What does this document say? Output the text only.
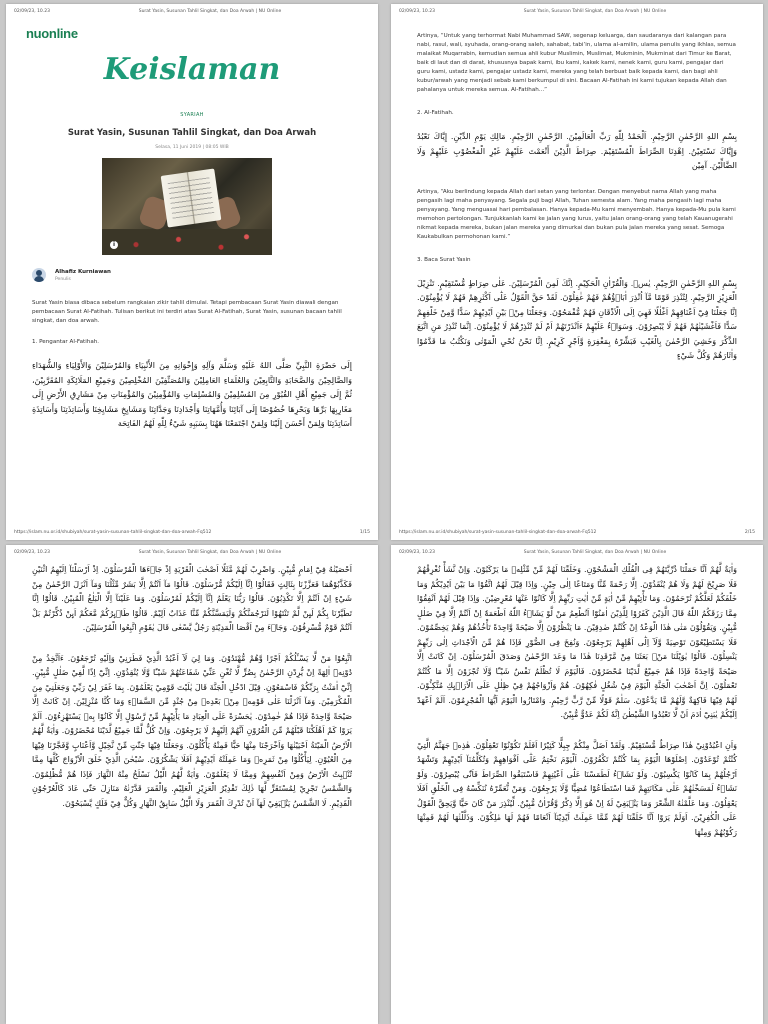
02/09/23, 10.23	Surat Yasin, Susunan Tahlil Singkat, dan Doa Arwah | NU Online
nuonline
Keislaman
SYARIAH
Surat Yasin, Susunan Tahlil Singkat, dan Doa Arwah
Selasa, 11 Juni 2019 | 08:05 WIB
i
Alhafiz Kurniawan
Penulis

Surat Yasin biasa dibaca sebelum rangkaian zikir tahlil dimulai. Tetapi pembacaan Surat Yasin diawali dengan pembacaan Surat Al-Fatihah. Tulisan berikut ini terdiri atas Surat Al-Fatihah, Surat Yasin, susunan bacaan tahlil singkat, dan doa arwah.

1. Pengantar Al-Fatihah.

إِلَى حَضْرَةِ النَّبِيِّ صَلَّى اللهُ عَلَيْهِ وَسَلَّمَ وَآلِهِ وَإِخْوَانِهِ مِنَ الأَنْبِيَاءِ وَالمُرْسَلِيْنَ وَالأَوْلِيَاءِ وَالشُّهَدَاءِ وَالصَّالِحِيْنَ وَالصَّحَابَةِ وَالتَّابِعِيْنَ وَالعُلَمَاءِ العَامِلِيْنَ وَالمُصَنِّفِيْنَ المُخْلِصِيْنَ وَجَمِيْعِ المَلَائِكَةِ المُقَرَّبِيْنَ، ثُمَّ إِلَى جَمِيْعِ أَهْلِ القُبُوْرِ مِنَ المُسْلِمِيْنَ وَالمُسْلِمَاتِ وَالمُؤْمِنِيْنَ وَالمُؤْمِنَاتِ مِنْ مَشَارِقِ الأَرْضِ إِلَى مَغَارِبِهَا بَرِّهَا وَبَحْرِهَا خُصُوْصًا إِلَى آبَائِنَا وَأُمَّهَاتِنَا وَأَجْدَادِنَا وَجَدَّاتِنَا وَمَشَايِخِ مَشَايِخِنَا وَأَسَاتِذَتِنَا وَأَسَاتِذَةِ أَسَاتِذَتِنَا وَلِمَنْ أَحْسَنَ إِلَيْنَا وَلِمَنْ اجْتَمَعْنَا هَهُنَا بِسَبَبِهِ شَيْءٌ لِلّٰهِ لَهُمُ الفَاتِحَة
https://islam.nu.or.id/shubiyah/surat-yasin-susunan-tahlil-singkat-dan-doa-arwah-Fq512	1/15
02/09/23, 10.23	Surat Yasin, Susunan Tahlil Singkat, dan Doa Arwah | NU Online

Artinya, “Untuk yang terhormat Nabi Muhammad SAW, segenap keluarga, dan saudaranya dari kalangan para nabi, rasul, wali, syuhada, orang-orang saleh, sahabat, tabi’in, ulama al-amilin, ulama penulis yang ikhlas, semua malaikat Muqarrabin, kemudian semua ahli kubur Muslimin, Muslimat, Mukminin, Mukminat dari Timur ke Barat, baik di laut dan di darat, khususnya bapak kami, ibu kami, kakek kami, nenek kami, guru kami, pengajar dari guru kami, ustadz kami, pengajar ustadz kami, mereka yang telah berbuat baik kepada kami, dan bagi ahli kubur/arwah yang menjadi sebab kami berkumpul di sini. Bacaan Al-Fatihah ini kami tujukan kepada Allah dan pahalanya untuk mereka semua. Al-Fatihah...”

2. Al-Fatihah.

بِسْمِ اللهِ الرَّحْمٰنِ الرَّحِيْمِ. اَلْحَمْدُ لِلّٰهِ رَبِّ الْعَالَمِيْنَ. الرَّحْمٰنِ الرَّحِيْمِ. مَالِكِ يَوْمِ الدِّيْنِ. إِيَّاكَ نَعْبُدُ وَإِيَّاكَ نَسْتَعِيْنُ. اِهْدِنَا الصِّرَاطَ الْمُسْتَقِيْمَ. صِرَاطَ الَّذِيْنَ أَنْعَمْتَ عَلَيْهِمْ غَيْرِ الْمَغْضُوْبِ عَلَيْهِمْ وَلَا الضَّالِّيْنَ. آمِيْن

Artinya, “Aku berlindung kepada Allah dari setan yang terlontar. Dengan menyebut nama Allah yang maha pengasih lagi maha penyayang. Segala puji bagi Allah, Tuhan semesta alam. Yang maha pengasih lagi maha penyayang. Yang menguasai hari pembalasan. Hanya kepada-Mu kami menyembah. Hanya kepada-Mu pula kami memohon pertolongan. Tunjukkanlah kami ke jalan yang lurus, yaitu jalan orang-orang yang telah Kauanugerahi nikmat kepada mereka, bukan jalan mereka yang dimurkai dan bukan pula jalan mereka yang sesat. Semoga Kaukabulkan permohonan kami.”

3. Baca Surat Yasin

بِسْمِ اللهِ الرَّحْمٰنِ الرَّحِيْمِ. يٰسۤ. وَالْقُرْاٰنِ الْحَكِيْمِ. اِنَّكَ لَمِنَ الْمُرْسَلِيْنَ. عَلٰى صِرَاطٍ مُّسْتَقِيْمٍ. تَنْزِيْلَ الْعَزِيْزِ الرَّحِيْمِ. لِتُنْذِرَ قَوْمًا مَّآ اُنْذِرَ اٰبَاۤؤُهُمْ فَهُمْ غٰفِلُوْنَ. لَقَدْ حَقَّ الْقَوْلُ عَلٰٓى اَكْثَرِهِمْ فَهُمْ لَا يُؤْمِنُوْنَ. اِنَّا جَعَلْنَا فِيْٓ اَعْنَاقِهِمْ اَغْلٰلًا فَهِيَ اِلَى الْاَذْقَانِ فَهُمْ مُّقْمَحُوْنَ. وَجَعَلْنَا مِنْۢ بَيْنِ اَيْدِيْهِمْ سَدًّا وَّمِنْ خَلْفِهِمْ سَدًّا فَاَغْشَيْنٰهُمْ فَهُمْ لَا يُبْصِرُوْنَ. وَسَوَاۤءٌ عَلَيْهِمْ ءَاَنْذَرْتَهُمْ اَمْ لَمْ تُنْذِرْهُمْ لَا يُؤْمِنُوْنَ. اِنَّمَا تُنْذِرُ مَنِ اتَّبَعَ الذِّكْرَ وَخَشِيَ الرَّحْمٰنَ بِالْغَيْبِ فَبَشِّرْهُ بِمَغْفِرَةٍ وَّاَجْرٍ كَرِيْمٍ. اِنَّا نَحْنُ نُحْيِ الْمَوْتٰى وَنَكْتُبُ مَا قَدَّمُوْا وَاٰثَارَهُمْ وَكُلَّ شَيْءٍ
https://islam.nu.or.id/shubiyah/surat-yasin-susunan-tahlil-singkat-dan-doa-arwah-Fq512	2/15
02/09/23, 10.23	Surat Yasin, Susunan Tahlil Singkat, dan Doa Arwah | NU Online
اَحْصَيْنٰهُ فِيْٓ اِمَامٍ مُّبِيْنٍ. وَاضْرِبْ لَهُمْ مَّثَلًا اَصْحٰبَ الْقَرْيَةِ اِذْ جَاۤءَهَا الْمُرْسَلُوْنَ. اِذْ اَرْسَلْنَآ اِلَيْهِمُ اثْنَيْنِ فَكَذَّبُوْهُمَا فَعَزَّزْنَا بِثَالِثٍ فَقَالُوْٓا اِنَّآ اِلَيْكُمْ مُّرْسَلُوْنَ. قَالُوْا مَآ اَنْتُمْ اِلَّا بَشَرٌ مِّثْلُنَا وَمَآ اَنْزَلَ الرَّحْمٰنُ مِنْ شَيْءٍ اِنْ اَنْتُمْ اِلَّا تَكْذِبُوْنَ. قَالُوْا رَبُّنَا يَعْلَمُ اِنَّآ اِلَيْكُمْ لَمُرْسَلُوْنَ. وَمَا عَلَيْنَآ اِلَّا الْبَلٰغُ الْمُبِيْنُ. قَالُوْٓا اِنَّا تَطَيَّرْنَا بِكُمْ لَىِٕنْ لَّمْ تَنْتَهُوْا لَنَرْجُمَنَّكُمْ وَلَيَمَسَّنَّكُمْ مِّنَّا عَذَابٌ اَلِيْمٌ. قَالُوْا طَاۤىِٕرُكُمْ مَّعَكُمْ اَىِٕنْ ذُكِّرْتُمْ بَلْ اَنْتُمْ قَوْمٌ مُّسْرِفُوْنَ. وَجَاۤءَ مِنْ اَقْصَا الْمَدِيْنَةِ رَجُلٌ يَّسْعٰى قَالَ يٰقَوْمِ اتَّبِعُوا الْمُرْسَلِيْنَ.
اتَّبِعُوْا مَنْ لَّا يَسْـَٔلُكُمْ اَجْرًا وَّهُمْ مُّهْتَدُوْنَ. وَمَا لِيَ لَآ اَعْبُدُ الَّذِيْ فَطَرَنِيْ وَاِلَيْهِ تُرْجَعُوْنَ. ءَاَتَّخِذُ مِنْ دُوْنِهٖٓ اٰلِهَةً اِنْ يُّرِدْنِ الرَّحْمٰنُ بِضُرٍّ لَّا تُغْنِ عَنِّيْ شَفَاعَتُهُمْ شَيْـًٔا وَّلَا يُنْقِذُوْنِ. اِنِّيْٓ اِذًا لَّفِيْ ضَلٰلٍ مُّبِيْنٍ. اِنِّيْٓ اٰمَنْتُ بِرَبِّكُمْ فَاسْمَعُوْنِ. قِيْلَ ادْخُلِ الْجَنَّةَ قَالَ يٰلَيْتَ قَوْمِيْ يَعْلَمُوْنَ. بِمَا غَفَرَ لِيْ رَبِّيْ وَجَعَلَنِيْ مِنَ الْمُكْرَمِيْنَ. وَمَآ اَنْزَلْنَا عَلٰى قَوْمِهٖ مِنْۢ بَعْدِهٖ مِنْ جُنْدٍ مِّنَ السَّمَاۤءِ وَمَا كُنَّا مُنْزِلِيْنَ. اِنْ كَانَتْ اِلَّا صَيْحَةً وَّاحِدَةً فَاِذَا هُمْ خٰمِدُوْنَ. يٰحَسْرَةً عَلَى الْعِبَادِ مَا يَأْتِيْهِمْ مِّنْ رَّسُوْلٍ اِلَّا كَانُوْا بِهٖ يَسْتَهْزِءُوْنَ. اَلَمْ يَرَوْا كَمْ اَهْلَكْنَا قَبْلَهُمْ مِّنَ الْقُرُوْنِ اَنَّهُمْ اِلَيْهِمْ لَا يَرْجِعُوْنَ. وَاِنْ كُلٌّ لَّمَّا جَمِيْعٌ لَّدَيْنَا مُحْضَرُوْنَ. وَاٰيَةٌ لَّهُمُ الْاَرْضُ الْمَيْتَةُ اَحْيَيْنٰهَا وَاَخْرَجْنَا مِنْهَا حَبًّا فَمِنْهُ يَأْكُلُوْنَ. وَجَعَلْنَا فِيْهَا جَنّٰتٍ مِّنْ نَّخِيْلٍ وَّاَعْنَابٍ وَّفَجَّرْنَا فِيْهَا مِنَ الْعُيُوْنِ. لِيَأْكُلُوْا مِنْ ثَمَرِهٖ وَمَا عَمِلَتْهُ اَيْدِيْهِمْ اَفَلَا يَشْكُرُوْنَ. سُبْحٰنَ الَّذِيْ خَلَقَ الْاَزْوَاجَ كُلَّهَا مِمَّا تُنْۢبِتُ الْاَرْضُ وَمِنْ اَنْفُسِهِمْ وَمِمَّا لَا يَعْلَمُوْنَ. وَاٰيَةٌ لَّهُمُ الَّيْلُ نَسْلَخُ مِنْهُ النَّهَارَ فَاِذَا هُمْ مُّظْلِمُوْنَ. وَالشَّمْسُ تَجْرِيْ لِمُسْتَقَرٍّ لَّهَا ذٰلِكَ تَقْدِيْرُ الْعَزِيْزِ الْعَلِيْمِ. وَالْقَمَرَ قَدَّرْنٰهُ مَنَازِلَ حَتّٰى عَادَ كَالْعُرْجُوْنِ الْقَدِيْمِ. لَا الشَّمْسُ يَنْۢبَغِيْ لَهَآ اَنْ تُدْرِكَ الْقَمَرَ وَلَا الَّيْلُ سَابِقُ النَّهَارِ وَكُلٌّ فِيْ فَلَكٍ يَّسْبَحُوْنَ.
02/09/23, 10.23	Surat Yasin, Susunan Tahlil Singkat, dan Doa Arwah | NU Online
وَاٰيَةٌ لَّهُمْ اَنَّا حَمَلْنَا ذُرِّيَّتَهُمْ فِى الْفُلْكِ الْمَشْحُوْنِ. وَخَلَقْنَا لَهُمْ مِّنْ مِّثْلِهٖ مَا يَرْكَبُوْنَ. وَاِنْ نَّشَأْ نُغْرِقْهُمْ فَلَا صَرِيْخَ لَهُمْ وَلَا هُمْ يُنْقَذُوْنَ. اِلَّا رَحْمَةً مِّنَّا وَمَتَاعًا اِلٰى حِيْنٍ. وَاِذَا قِيْلَ لَهُمُ اتَّقُوْا مَا بَيْنَ اَيْدِيْكُمْ وَمَا خَلْفَكُمْ لَعَلَّكُمْ تُرْحَمُوْنَ. وَمَا تَأْتِيْهِمْ مِّنْ اٰيَةٍ مِّنْ اٰيٰتِ رَبِّهِمْ اِلَّا كَانُوْا عَنْهَا مُعْرِضِيْنَ. وَاِذَا قِيْلَ لَهُمْ اَنْفِقُوْا مِمَّا رَزَقَكُمُ اللّٰهُ قَالَ الَّذِيْنَ كَفَرُوْا لِلَّذِيْنَ اٰمَنُوْٓا اَنُطْعِمُ مَنْ لَّوْ يَشَاۤءُ اللّٰهُ اَطْعَمَهٗٓ اِنْ اَنْتُمْ اِلَّا فِيْ ضَلٰلٍ مُّبِيْنٍ. وَيَقُوْلُوْنَ مَتٰى هٰذَا الْوَعْدُ اِنْ كُنْتُمْ صٰدِقِيْنَ. مَا يَنْظُرُوْنَ اِلَّا صَيْحَةً وَّاحِدَةً تَأْخُذُهُمْ وَهُمْ يَخِصِّمُوْنَ. فَلَا يَسْتَطِيْعُوْنَ تَوْصِيَةً وَّلَآ اِلٰٓى اَهْلِهِمْ يَرْجِعُوْنَ. وَنُفِخَ فِى الصُّوْرِ فَاِذَا هُمْ مِّنَ الْاَجْدَاثِ اِلٰى رَبِّهِمْ يَنْسِلُوْنَ. قَالُوْا يٰوَيْلَنَا مَنْۢ بَعَثَنَا مِنْ مَّرْقَدِنَا هٰذَا مَا وَعَدَ الرَّحْمٰنُ وَصَدَقَ الْمُرْسَلُوْنَ. اِنْ كَانَتْ اِلَّا صَيْحَةً وَّاحِدَةً فَاِذَا هُمْ جَمِيْعٌ لَّدَيْنَا مُحْضَرُوْنَ. فَالْيَوْمَ لَا تُظْلَمُ نَفْسٌ شَيْـًٔا وَّلَا تُجْزَوْنَ اِلَّا مَا كُنْتُمْ تَعْمَلُوْنَ. اِنَّ اَصْحٰبَ الْجَنَّةِ الْيَوْمَ فِيْ شُغُلٍ فٰكِهُوْنَ. هُمْ وَاَزْوَاجُهُمْ فِيْ ظِلٰلٍ عَلَى الْاَرَاۤىِٕكِ مُتَّكِـُٔوْنَ. لَهُمْ فِيْهَا فَاكِهَةٌ وَّلَهُمْ مَّا يَدَّعُوْنَ. سَلٰمٌ قَوْلًا مِّنْ رَّبٍّ رَّحِيْمٍ. وَامْتَازُوا الْيَوْمَ اَيُّهَا الْمُجْرِمُوْنَ. اَلَمْ اَعْهَدْ اِلَيْكُمْ يٰبَنِيْٓ اٰدَمَ اَنْ لَّا تَعْبُدُوا الشَّيْطٰنَ اِنَّهٗ لَكُمْ عَدُوٌّ مُّبِيْنٌ.
وَاَنِ اعْبُدُوْنِيْ هٰذَا صِرَاطٌ مُّسْتَقِيْمٌ. وَلَقَدْ اَضَلَّ مِنْكُمْ جِبِلًّا كَثِيْرًا اَفَلَمْ تَكُوْنُوْا تَعْقِلُوْنَ. هٰذِهٖ جَهَنَّمُ الَّتِيْ كُنْتُمْ تُوْعَدُوْنَ. اِصْلَوْهَا الْيَوْمَ بِمَا كُنْتُمْ تَكْفُرُوْنَ. اَلْيَوْمَ نَخْتِمُ عَلٰٓى اَفْوَاهِهِمْ وَتُكَلِّمُنَآ اَيْدِيْهِمْ وَتَشْهَدُ اَرْجُلُهُمْ بِمَا كَانُوْا يَكْسِبُوْنَ. وَلَوْ نَشَاۤءُ لَطَمَسْنَا عَلٰٓى اَعْيُنِهِمْ فَاسْتَبَقُوا الصِّرَاطَ فَاَنّٰى يُبْصِرُوْنَ. وَلَوْ نَشَاۤءُ لَمَسَخْنٰهُمْ عَلٰى مَكَانَتِهِمْ فَمَا اسْتَطَاعُوْا مُضِيًّا وَّلَا يَرْجِعُوْنَ. وَمَنْ نُّعَمِّرْهُ نُنَكِّسْهُ فِى الْخَلْقِ اَفَلَا يَعْقِلُوْنَ. وَمَا عَلَّمْنٰهُ الشِّعْرَ وَمَا يَنْۢبَغِيْ لَهٗ اِنْ هُوَ اِلَّا ذِكْرٌ وَّقُرْاٰنٌ مُّبِيْنٌ. لِّيُنْذِرَ مَنْ كَانَ حَيًّا وَّيَحِقَّ الْقَوْلُ عَلَى الْكٰفِرِيْنَ. اَوَلَمْ يَرَوْا اَنَّا خَلَقْنَا لَهُمْ مِّمَّا عَمِلَتْ اَيْدِيْنَآ اَنْعَامًا فَهُمْ لَهَا مٰلِكُوْنَ. وَذَلَّلْنٰهَا لَهُمْ فَمِنْهَا رَكُوْبُهُمْ وَمِنْهَا
